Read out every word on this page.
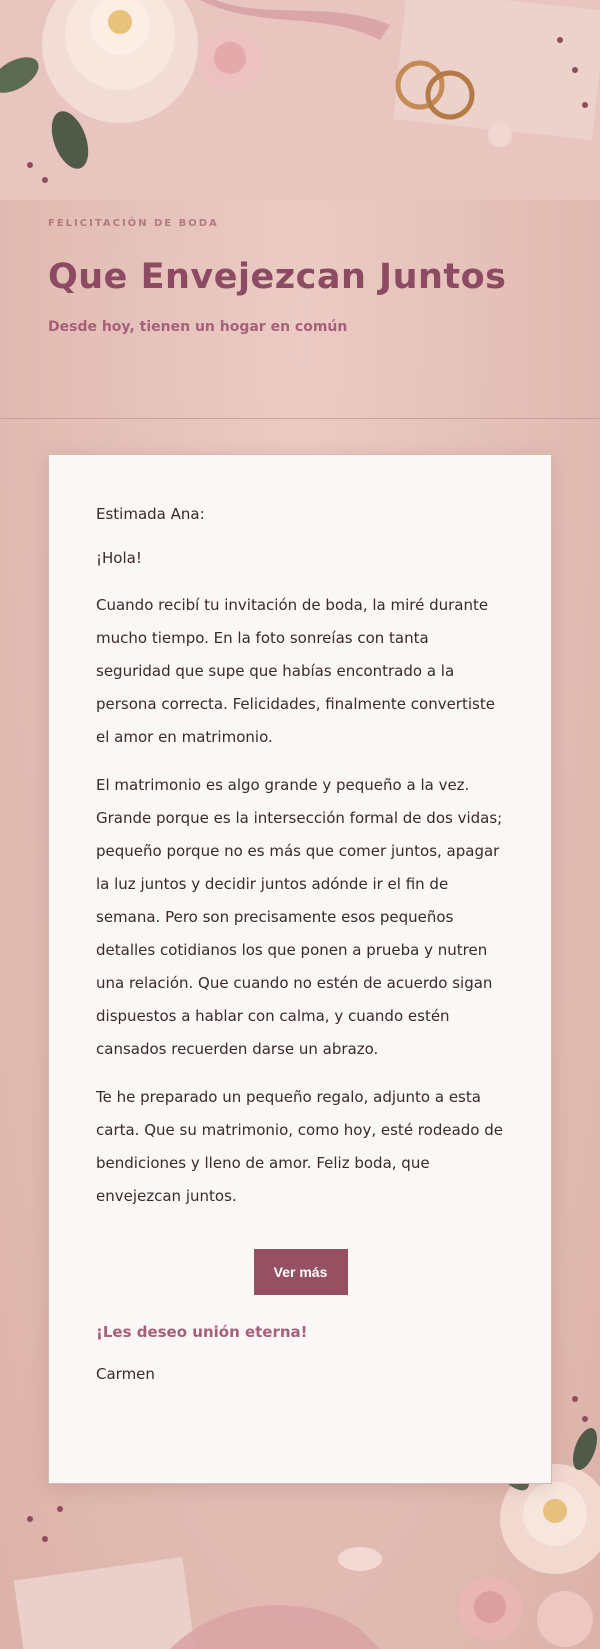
FELICITACIÓN DE BODA
Que Envejezcan Juntos
Desde hoy, tienen un hogar en común

Estimada Ana:

¡Hola!

Cuando recibí tu invitación de boda, la miré durante mucho tiempo. En la foto sonreías con tanta seguridad que supe que habías encontrado a la persona correcta. Felicidades, finalmente convertiste el amor en matrimonio.

El matrimonio es algo grande y pequeño a la vez. Grande porque es la intersección formal de dos vidas; pequeño porque no es más que comer juntos, apagar la luz juntos y decidir juntos adónde ir el fin de semana. Pero son precisamente esos pequeños detalles cotidianos los que ponen a prueba y nutren una relación. Que cuando no estén de acuerdo sigan dispuestos a hablar con calma, y cuando estén cansados recuerden darse un abrazo.

Te he preparado un pequeño regalo, adjunto a esta carta. Que su matrimonio, como hoy, esté rodeado de bendiciones y lleno de amor. Feliz boda, que envejezcan juntos.

Ver más

¡Les deseo unión eterna!

Carmen
